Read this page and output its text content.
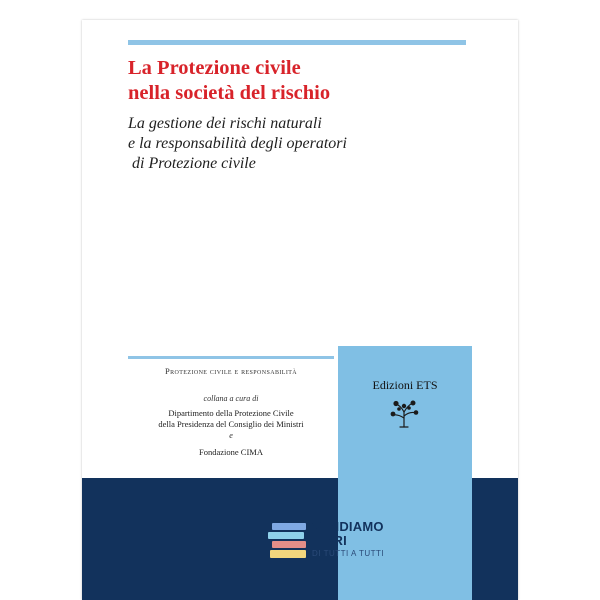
La Protezione civile
nella società del rischio

La gestione dei rischi naturali
e la responsabilità degli operatori
di Protezione civile

Protezione civile e responsabilità
collana a cura di
Dipartimento della Protezione Civile
della Presidenza del Consiglio dei Ministri
e
Fondazione CIMA
Edizioni ETS
VENDIAMO
LIBRI
DI TUTTI A TUTTI
